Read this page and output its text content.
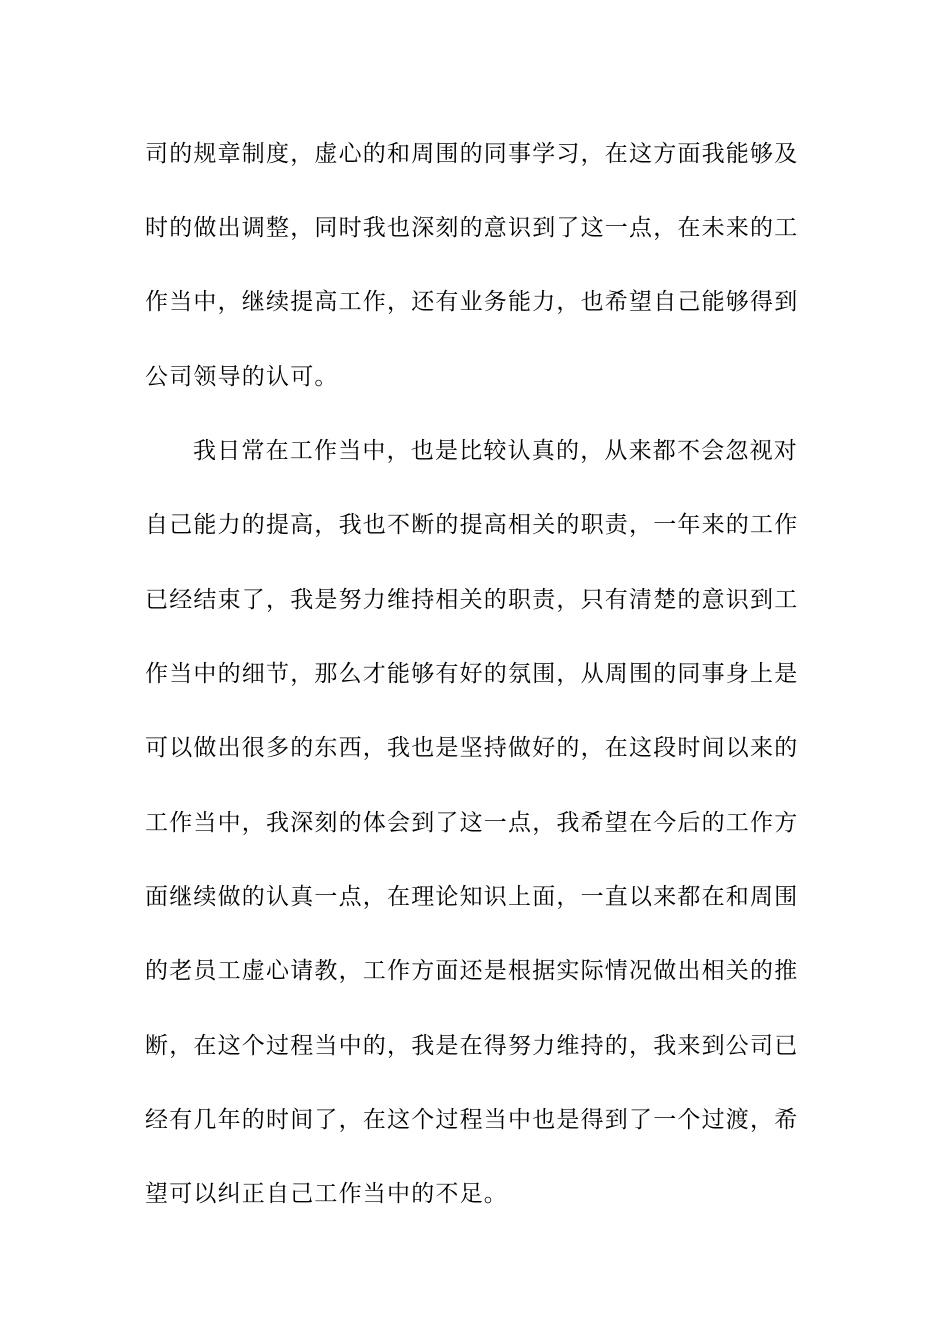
司的规章制度，虚心的和周围的同事学习，在这方面我能够及
时的做出调整，同时我也深刻的意识到了这一点，在未来的工
作当中，继续提高工作，还有业务能力，也希望自己能够得到
公司领导的认可。
我日常在工作当中，也是比较认真的，从来都不会忽视对
自己能力的提高，我也不断的提高相关的职责，一年来的工作
已经结束了，我是努力维持相关的职责，只有清楚的意识到工
作当中的细节，那么才能够有好的氛围，从周围的同事身上是
可以做出很多的东西，我也是坚持做好的，在这段时间以来的
工作当中，我深刻的体会到了这一点，我希望在今后的工作方
面继续做的认真一点，在理论知识上面，一直以来都在和周围
的老员工虚心请教，工作方面还是根据实际情况做出相关的推
断，在这个过程当中的，我是在得努力维持的，我来到公司已
经有几年的时间了，在这个过程当中也是得到了一个过渡，希
望可以纠正自己工作当中的不足。
